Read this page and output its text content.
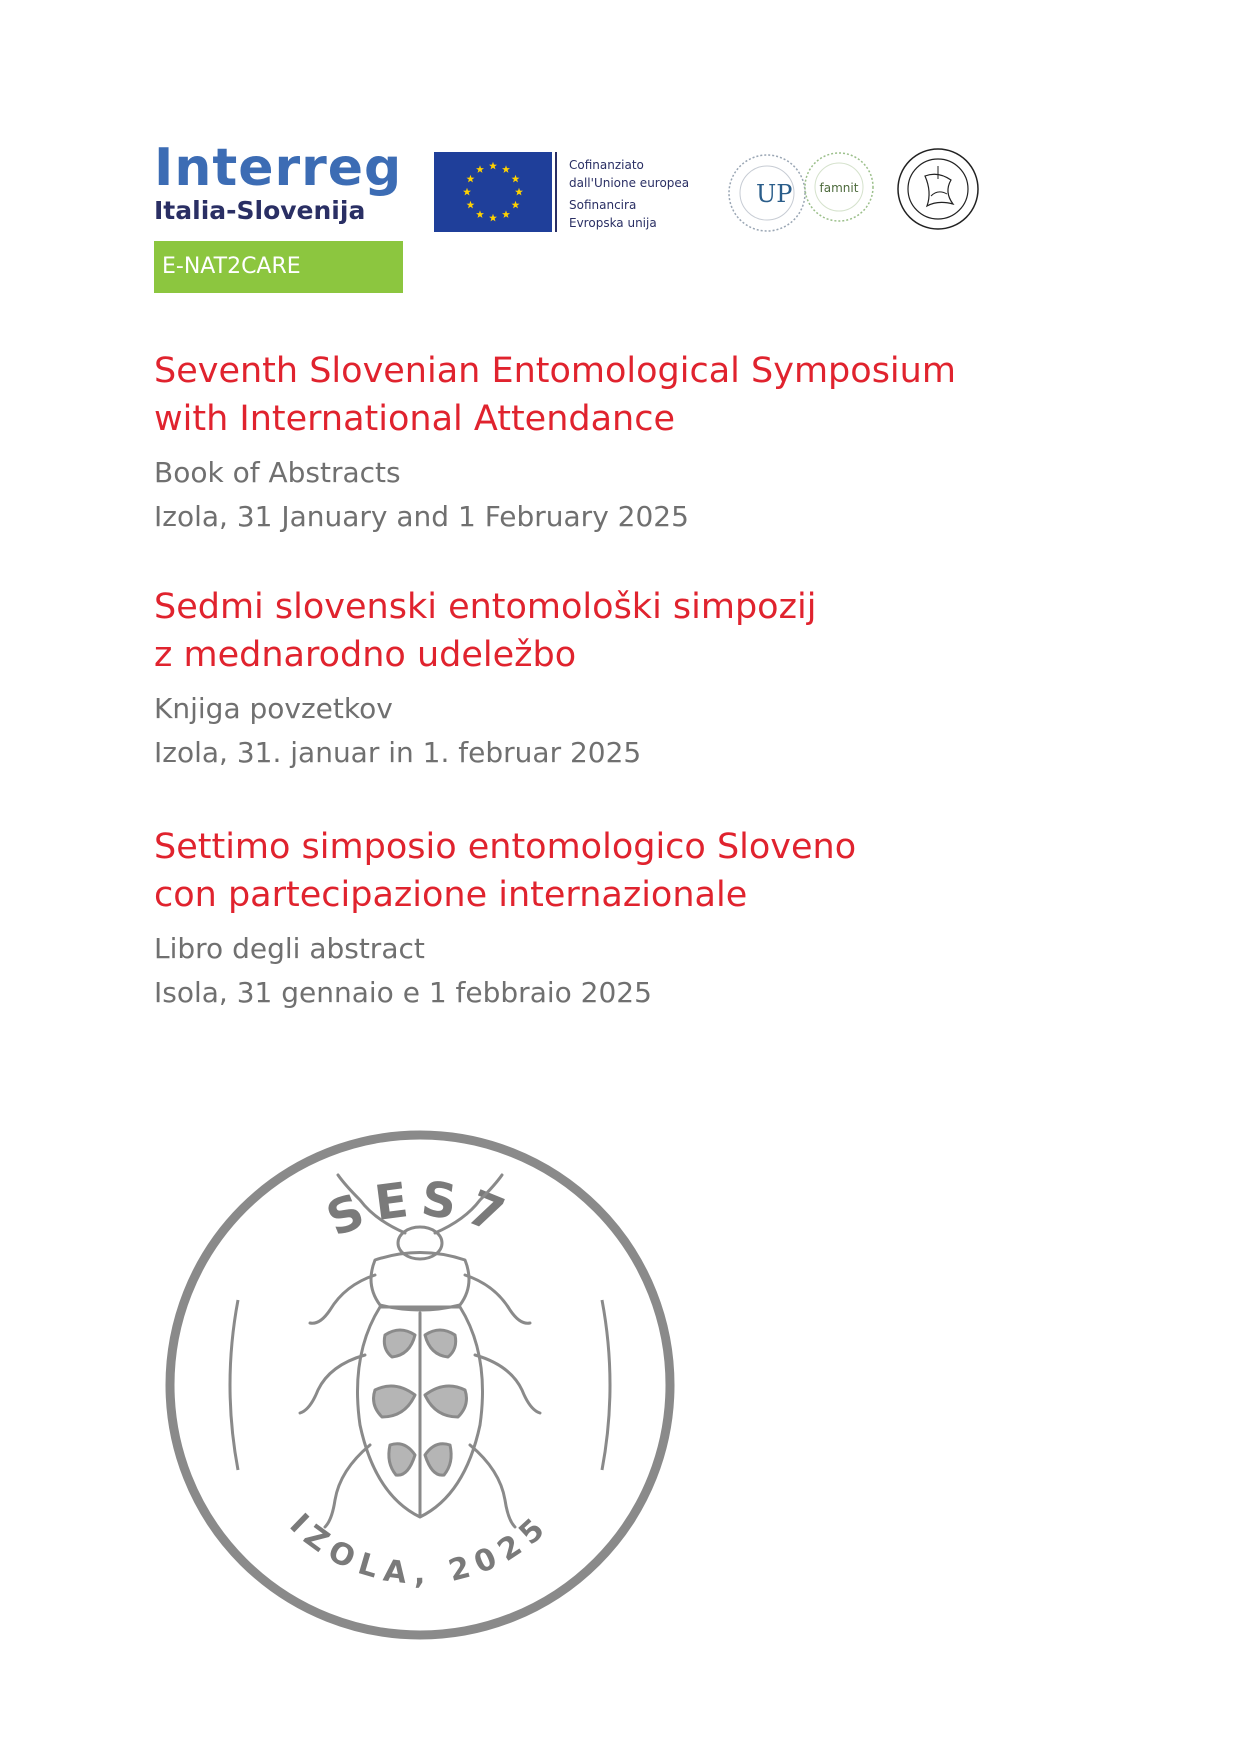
Interreg
Italia-Slovenija
E-NAT2CARE
Cofinanziato
dall'Unione europea
Sofinancira
Evropska unija
UP famnit
Seventh Slovenian Entomological Symposium
with International Attendance
Book of Abstracts
Izola, 31 January and 1 February 2025
Sedmi slovenski entomološki simpozij
z mednarodno udeležbo
Knjiga povzetkov
Izola, 31. januar in 1. februar 2025
Settimo simposio entomologico Sloveno
con partecipazione internazionale
Libro degli abstract
Isola, 31 gennaio e 1 febbraio 2025
SES7
IZOLA, 2025
